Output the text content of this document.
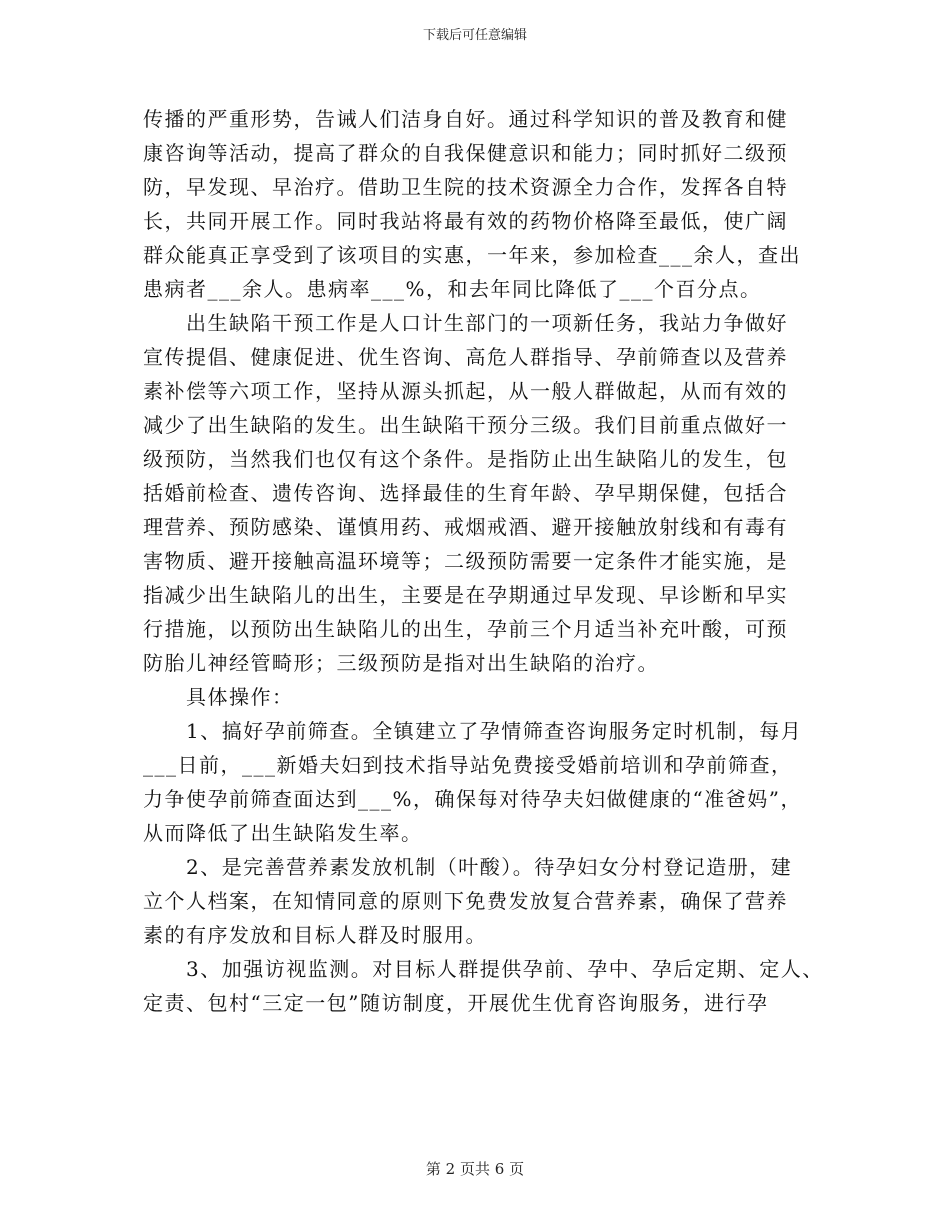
下载后可任意编辑
传播的严重形势，告诫人们洁身自好。通过科学知识的普及教育和健
康咨询等活动，提高了群众的自我保健意识和能力；同时抓好二级预
防，早发现、早治疗。借助卫生院的技术资源全力合作，发挥各自特
长，共同开展工作。同时我站将最有效的药物价格降至最低，使广阔
群众能真正享受到了该项目的实惠，一年来，参加检查___余人，查出
患病者___余人。患病率___%，和去年同比降低了___个百分点。
　　出生缺陷干预工作是人口计生部门的一项新任务，我站力争做好
宣传提倡、健康促进、优生咨询、高危人群指导、孕前筛查以及营养
素补偿等六项工作，坚持从源头抓起，从一般人群做起，从而有效的
减少了出生缺陷的发生。出生缺陷干预分三级。我们目前重点做好一
级预防，当然我们也仅有这个条件。是指防止出生缺陷儿的发生，包
括婚前检查、遗传咨询、选择最佳的生育年龄、孕早期保健，包括合
理营养、预防感染、谨慎用药、戒烟戒酒、避开接触放射线和有毒有
害物质、避开接触高温环境等；二级预防需要一定条件才能实施，是
指减少出生缺陷儿的出生，主要是在孕期通过早发现、早诊断和早实
行措施，以预防出生缺陷儿的出生，孕前三个月适当补充叶酸，可预
防胎儿神经管畸形；三级预防是指对出生缺陷的治疗。
　　具体操作：
　　1、搞好孕前筛查。全镇建立了孕情筛查咨询服务定时机制，每月
___日前，___新婚夫妇到技术指导站免费接受婚前培训和孕前筛查，
力争使孕前筛查面达到___%，确保每对待孕夫妇做健康的“准爸妈”，
从而降低了出生缺陷发生率。
　　2、是完善营养素发放机制（叶酸）。待孕妇女分村登记造册，建
立个人档案，在知情同意的原则下免费发放复合营养素，确保了营养
素的有序发放和目标人群及时服用。
　　3、加强访视监测。对目标人群提供孕前、孕中、孕后定期、定人、
定责、包村“三定一包”随访制度，开展优生优育咨询服务，进行孕
第 2 页共 6 页
